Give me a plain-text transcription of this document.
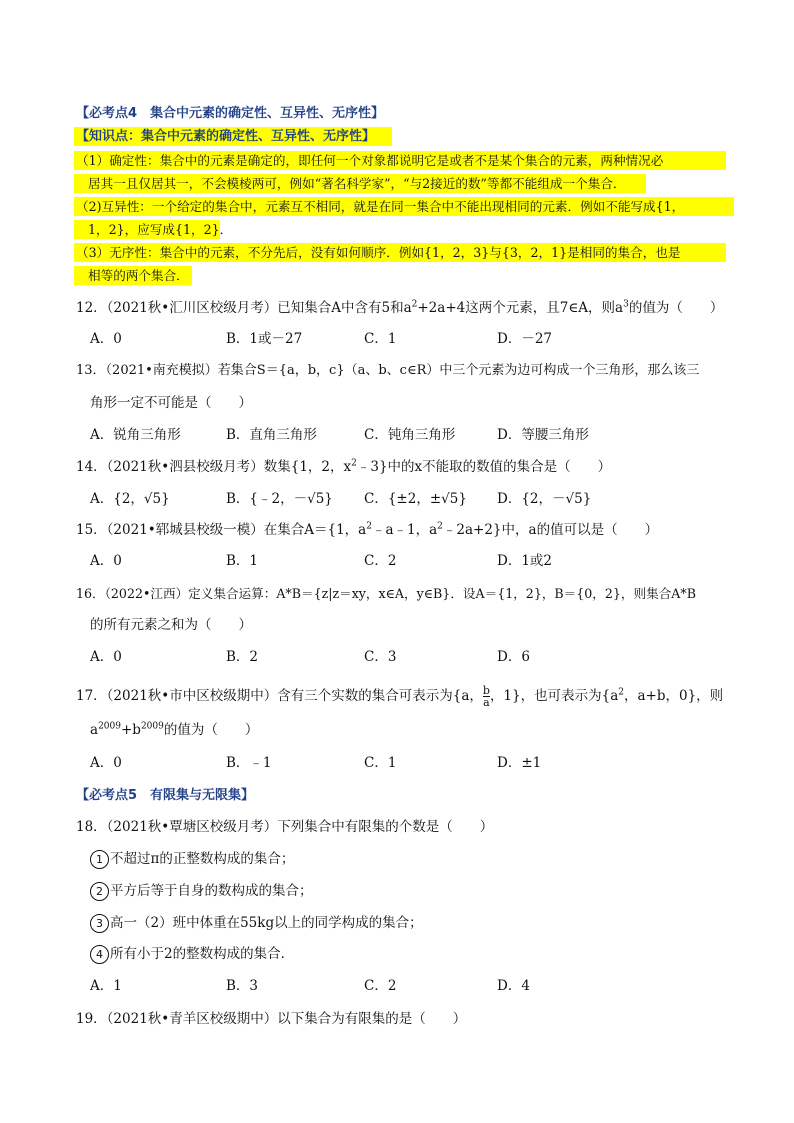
【必考点4　集合中元素的确定性、互异性、无序性】
【知识点：集合中元素的确定性、互异性、无序性】
（1）确定性：集合中的元素是确定的，即任何一个对象都说明它是或者不是某个集合的元素，两种情况必
居其一且仅居其一，不会模棱两可，例如“著名科学家”，“与2接近的数”等都不能组成一个集合．
（2)互异性：一个给定的集合中，元素互不相同，就是在同一集合中不能出现相同的元素．例如不能写成{1，
1，2}，应写成{1，2}．
（3）无序性：集合中的元素，不分先后，没有如何顺序．例如{1，2，3}与{3，2，1}是相同的集合，也是
相等的两个集合．
12．（2021秋•汇川区校级月考）已知集合A中含有5和$a^2+2a+4$这两个元素，且7∈A，则$a^3$的值为（　　）
A．0	B．1或－27	C．1	D．－27
13．（2021•南充模拟）若集合S＝{a，b，c}（a、b、c∈R）中三个元素为边可构成一个三角形，那么该三
角形一定不可能是（　　）
A．锐角三角形	B．直角三角形	C．钝角三角形	D．等腰三角形
14．（2021秋•泗县校级月考）数集{1，2，$x^2﹣3$}中的x不能取的数值的集合是（　　）
A．{2，√5}	B．{﹣2，－√5} C．{±2，±√5} D．{2，－√5}
15．（2021•郓城县校级一模）在集合A＝{1，$a^2﹣a﹣1$，$a^2﹣2a+2$}中，a的值可以是（　　）
A．0	B．1	C．2	D．1或2
16．（2022•江西）定义集合运算：A*B＝{z|z＝xy，x∈A，y∈B}．设A＝{1，2}，B＝{0，2}，则集合A*B
的所有元素之和为（　　）
A．0	B．2	C．3	D．6
17．（2021秋•市中区校级期中）含有三个实数的集合可表示为{a， $\frac{b}{a}$ ，1}，也可表示为{$a^2$，a+b，0}，则
$a^{2009}+b^{2009}$的值为（　　）
A．0	B．﹣1	C．1	D．±1
【必考点5　有限集与无限集】
18．（2021秋•覃塘区校级月考）下列集合中有限集的个数是（　　）
1 不超过π的正整数构成的集合；
2 平方后等于自身的数构成的集合；
3 高一（2）班中体重在55kg以上的同学构成的集合；
4 所有小于2的整数构成的集合．
A．1	B．3	C．2	D．4
19．（2021秋•青羊区校级期中）以下集合为有限集的是（　　）
